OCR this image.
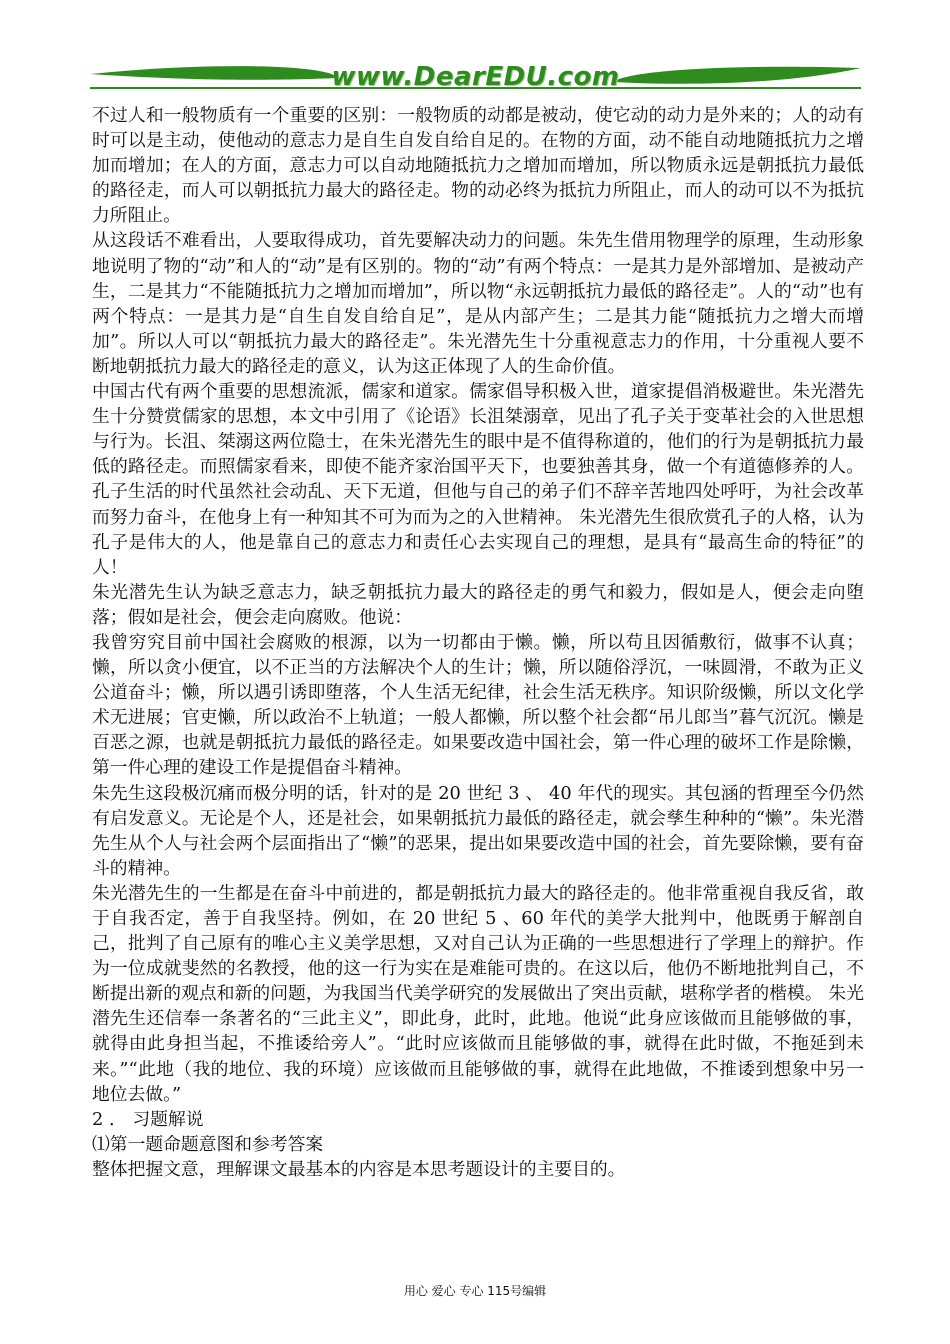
www.DearEDU.com

不过人和一般物质有一个重要的区别：一般物质的动都是被动，使它动的动力是外来的；人的动有时可以是主动，使他动的意志力是自生自发自给自足的。在物的方面，动不能自动地随抵抗力之增加而增加；在人的方面，意志力可以自动地随抵抗力之增加而增加，所以物质永远是朝抵抗力最低的路径走，而人可以朝抵抗力最大的路径走。物的动必终为抵抗力所阻止，而人的动可以不为抵抗力所阻止。

从这段话不难看出，人要取得成功，首先要解决动力的问题。朱先生借用物理学的原理，生动形象地说明了物的“动”和人的“动”是有区别的。物的“动”有两个特点：一是其力是外部增加、是被动产生，二是其力“不能随抵抗力之增加而增加”，所以物“永远朝抵抗力最低的路径走”。人的“动”也有两个特点：一是其力是“自生自发自给自足”，是从内部产生；二是其力能“随抵抗力之增大而增加”。所以人可以“朝抵抗力最大的路径走”。朱光潜先生十分重视意志力的作用，十分重视人要不断地朝抵抗力最大的路径走的意义，认为这正体现了人的生命价值。

中国古代有两个重要的思想流派，儒家和道家。儒家倡导积极入世，道家提倡消极避世。朱光潜先生十分赞赏儒家的思想，本文中引用了《论语》长沮桀溺章，见出了孔子关于变革社会的入世思想与行为。长沮、桀溺这两位隐士，在朱光潜先生的眼中是不值得称道的，他们的行为是朝抵抗力最低的路径走。而照儒家看来，即使不能齐家治国平天下，也要独善其身，做一个有道德修养的人。孔子生活的时代虽然社会动乱、天下无道，但他与自己的弟子们不辞辛苦地四处呼吁，为社会改革而努力奋斗，在他身上有一种知其不可为而为之的入世精神。 朱光潜先生很欣赏孔子的人格，认为孔子是伟大的人，他是靠自己的意志力和责任心去实现自己的理想，是具有“最高生命的特征”的人！

朱光潜先生认为缺乏意志力，缺乏朝抵抗力最大的路径走的勇气和毅力，假如是人，便会走向堕落；假如是社会，便会走向腐败。他说：

我曾穷究目前中国社会腐败的根源，以为一切都由于懒。懒，所以苟且因循敷衍，做事不认真；懒，所以贪小便宜，以不正当的方法解决个人的生计；懒，所以随俗浮沉，一味圆滑，不敢为正义公道奋斗；懒，所以遇引诱即堕落，个人生活无纪律，社会生活无秩序。知识阶级懒，所以文化学术无进展；官吏懒，所以政治不上轨道；一般人都懒，所以整个社会都“吊儿郎当”暮气沉沉。懒是百恶之源，也就是朝抵抗力最低的路径走。如果要改造中国社会，第一件心理的破坏工作是除懒，第一件心理的建设工作是提倡奋斗精神。

朱先生这段极沉痛而极分明的话，针对的是 20 世纪 3 、 40 年代的现实。其包涵的哲理至今仍然有启发意义。无论是个人，还是社会，如果朝抵抗力最低的路径走，就会孳生种种的“懒”。朱光潜先生从个人与社会两个层面指出了“懒”的恶果，提出如果要改造中国的社会，首先要除懒，要有奋斗的精神。

朱光潜先生的一生都是在奋斗中前进的，都是朝抵抗力最大的路径走的。他非常重视自我反省，敢于自我否定，善于自我坚持。例如，在 20 世纪 5 、60 年代的美学大批判中，他既勇于解剖自己，批判了自己原有的唯心主义美学思想，又对自己认为正确的一些思想进行了学理上的辩护。作为一位成就斐然的名教授，他的这一行为实在是难能可贵的。在这以后，他仍不断地批判自己，不断提出新的观点和新的问题，为我国当代美学研究的发展做出了突出贡献，堪称学者的楷模。 朱光潜先生还信奉一条著名的“三此主义”，即此身，此时，此地。他说“此身应该做而且能够做的事，就得由此身担当起，不推诿给旁人”。“此时应该做而且能够做的事，就得在此时做，不拖延到未来。”“此地（我的地位、我的环境）应该做而且能够做的事，就得在此地做，不推诿到想象中另一地位去做。”

2 ． 习题解说

⑴第一题命题意图和参考答案

整体把握文意，理解课文最基本的内容是本思考题设计的主要目的。

用心 爱心 专心 115号编辑
